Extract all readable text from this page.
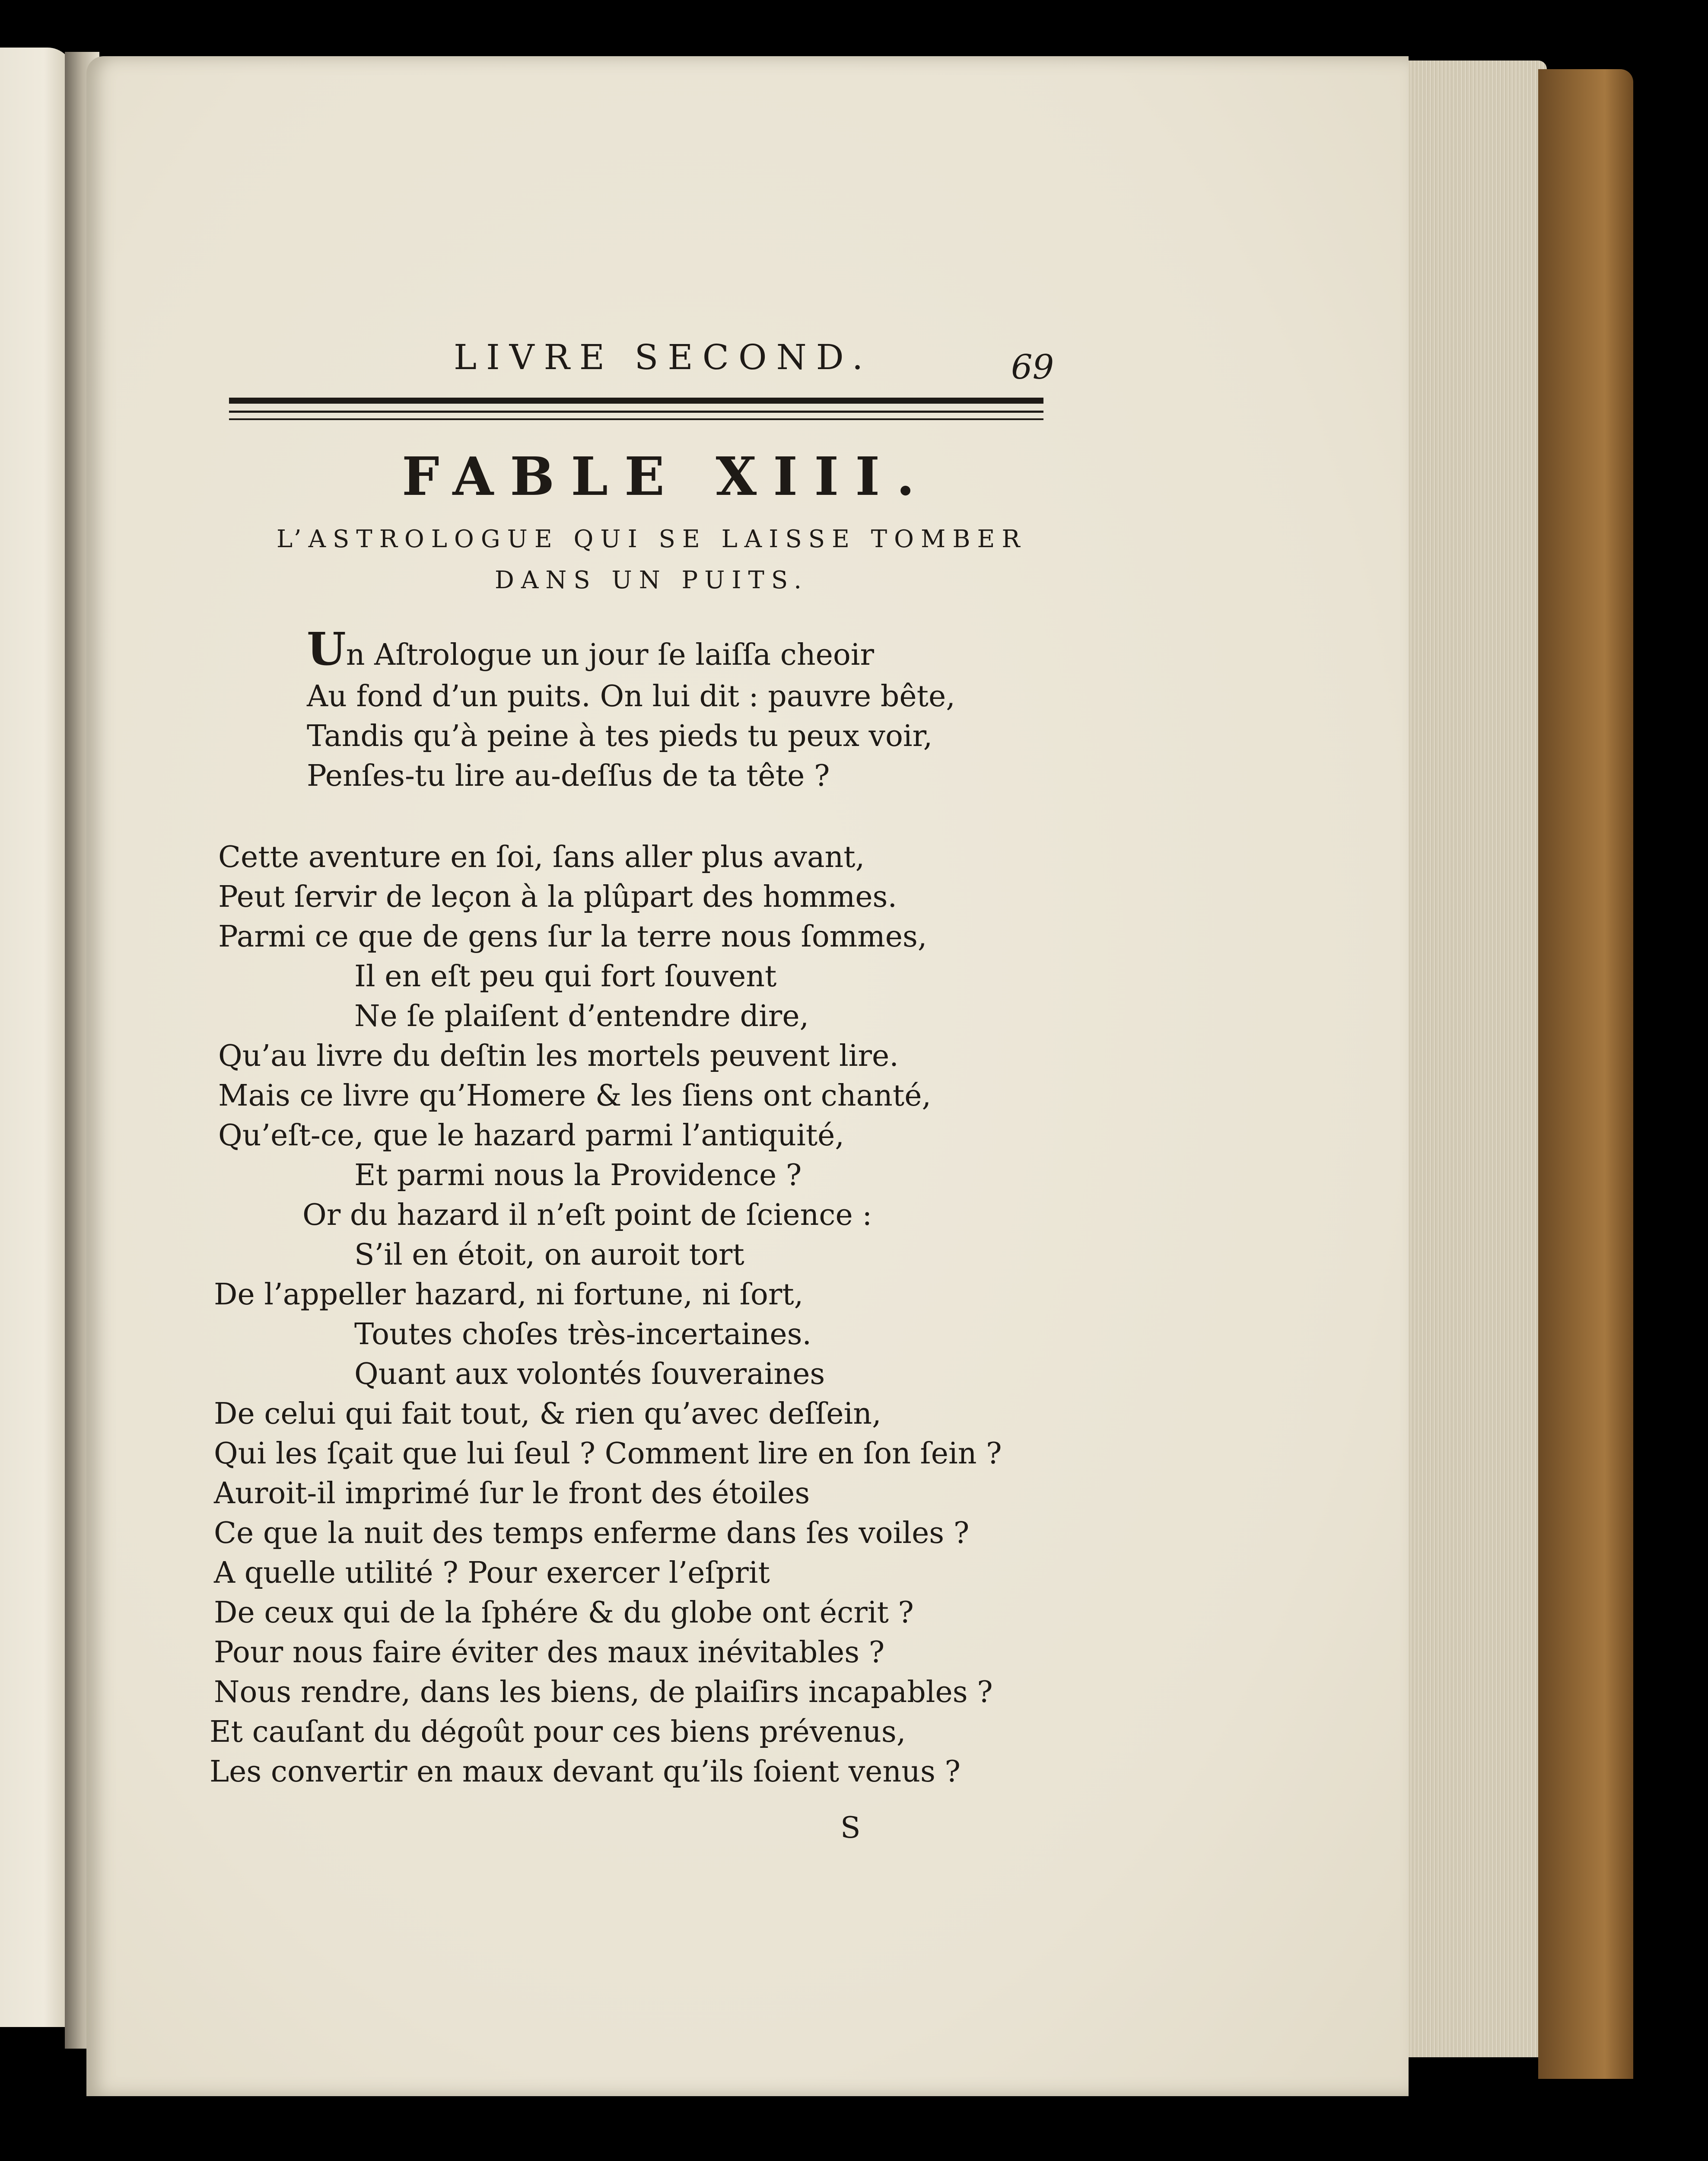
LIVRE SECOND.	69
FABLE XIII.
L’ASTROLOGUE QUI SE LAISSE TOMBER
DANS UN PUITS.
Un Aſtrologue un jour ſe laiſſa cheoir
Au fond d’un puits. On lui dit : pauvre bête,
Tandis qu’à peine à tes pieds tu peux voir,
Penſes-tu lire au-deſſus de ta tête ?
Cette aventure en ſoi, ſans aller plus avant,
Peut ſervir de leçon à la plûpart des hommes.
Parmi ce que de gens ſur la terre nous ſommes,
Il en eſt peu qui fort ſouvent
Ne ſe plaiſent d’entendre dire,
Qu’au livre du deſtin les mortels peuvent lire.
Mais ce livre qu’Homere & les ſiens ont chanté,
Qu’eſt-ce, que le hazard parmi l’antiquité,
Et parmi nous la Providence ?
Or du hazard il n’eſt point de ſcience :
S’il en étoit, on auroit tort
De l’appeller hazard, ni fortune, ni ſort,
Toutes choſes très-incertaines.
Quant aux volontés ſouveraines
De celui qui fait tout, & rien qu’avec deſſein,
Qui les ſçait que lui ſeul ? Comment lire en ſon ſein ?
Auroit-il imprimé ſur le front des étoiles
Ce que la nuit des temps enferme dans ſes voiles ?
A quelle utilité ? Pour exercer l’eſprit
De ceux qui de la ſphére & du globe ont écrit ?
Pour nous faire éviter des maux inévitables ?
Nous rendre, dans les biens, de plaiſirs incapables ?
Et cauſant du dégoût pour ces biens prévenus,
Les convertir en maux devant qu’ils ſoient venus ?
S
